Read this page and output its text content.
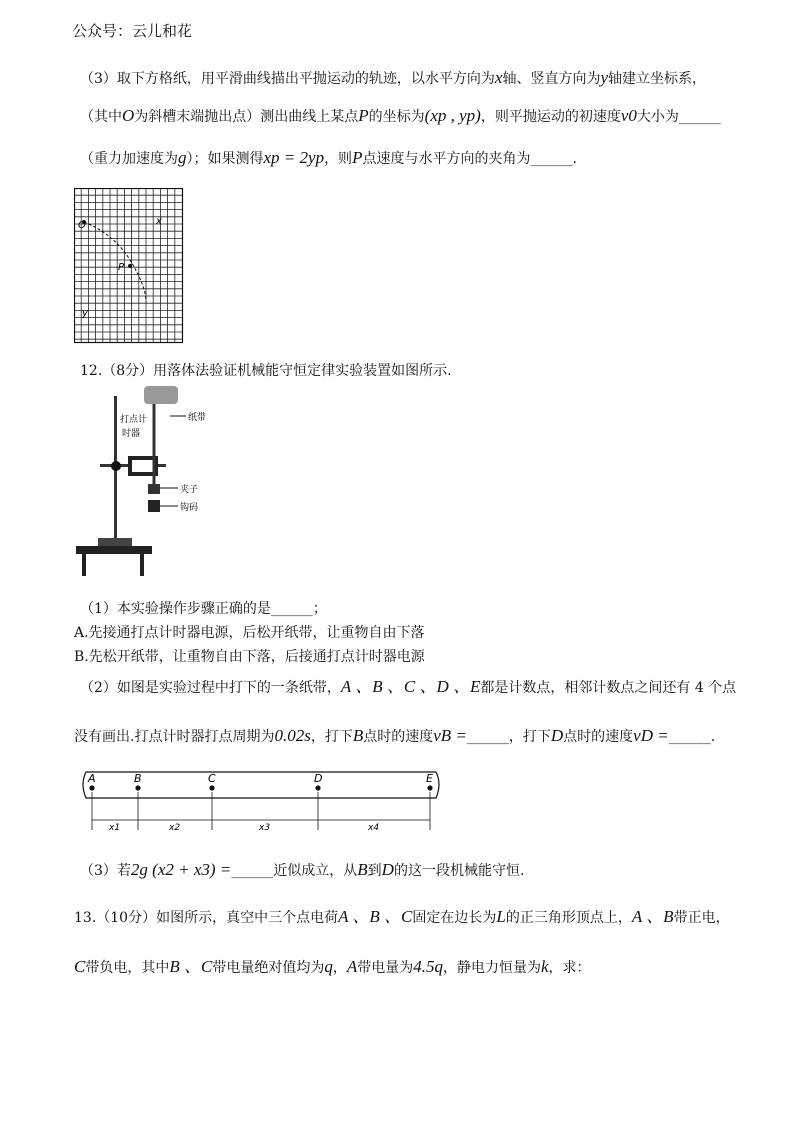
公众号：云儿和花
（3）取下方格纸，用平滑曲线描出平抛运动的轨迹，以水平方向为x轴、竖直方向为y轴建立坐标系，
（其中O为斜槽末端抛出点）测出曲线上某点P的坐标为(xp , yp)，则平抛运动的初速度v0大小为______
（重力加速度为g）；如果测得xp = 2yp，则P点速度与水平方向的夹角为______.
O	x
y
P
12.（8分）用落体法验证机械能守恒定律实验装置如图所示.
打点计
时器
纸带
夹子
钩码
（1）本实验操作步骤正确的是______；
A.先接通打点计时器电源，后松开纸带，让重物自由下落
B.先松开纸带，让重物自由下落，后接通打点计时器电源
（2）如图是实验过程中打下的一条纸带，A 、B 、C 、D 、E都是计数点，相邻计数点之间还有 4 个点
没有画出.打点计时器打点周期为0.02s，打下B点时的速度vB =______，打下D点时的速度vD =______.
A	B	C	D	E
x1	x2	x3	x4
（3）若2g (x2 + x3) =______近似成立，从B到D的这一段机械能守恒.
13.（10分）如图所示，真空中三个点电荷A 、B 、C固定在边长为L的正三角形顶点上，A 、B带正电，
C带负电，其中B 、C带电量绝对值均为q，A带电量为4.5q，静电力恒量为k，求：
